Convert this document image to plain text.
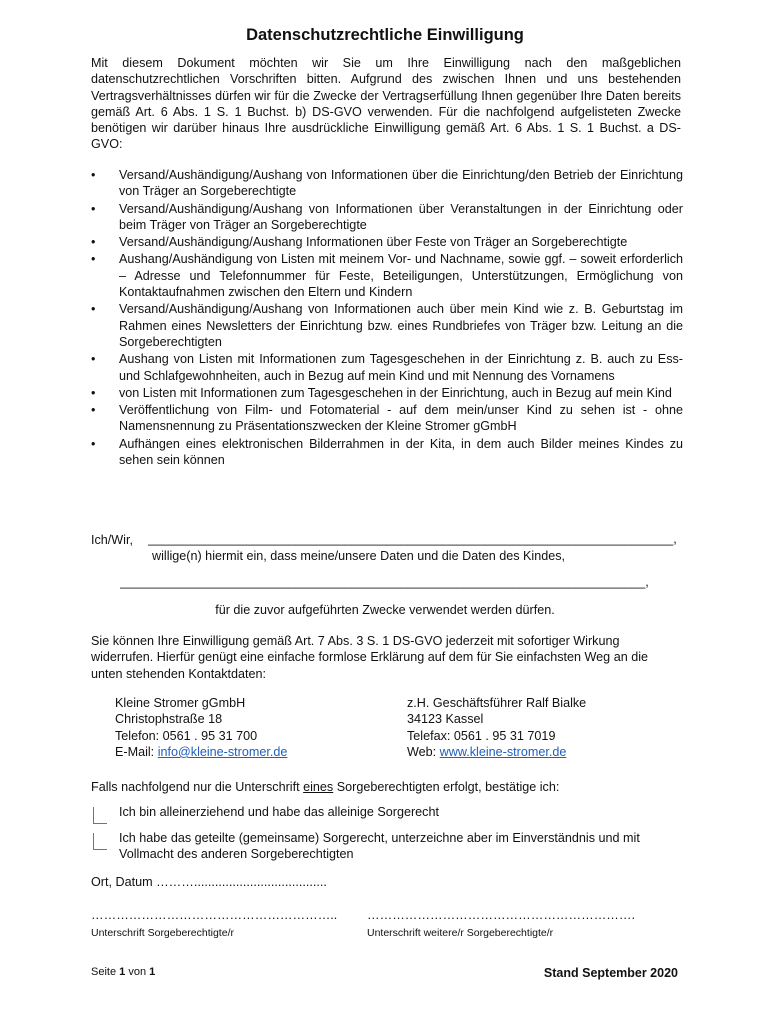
Datenschutzrechtliche Einwilligung

Mit diesem Dokument möchten wir Sie um Ihre Einwilligung nach den maßgeblichen datenschutzrechtlichen Vorschriften bitten. Aufgrund des zwischen Ihnen und uns bestehenden Vertragsverhältnisses dürfen wir für die Zwecke der Vertragserfüllung Ihnen gegenüber Ihre Daten bereits gemäß Art. 6 Abs. 1 S. 1 Buchst. b) DS-GVO verwenden. Für die nachfolgend aufgelisteten Zwecke benötigen wir darüber hinaus Ihre ausdrückliche Einwilligung gemäß Art. 6 Abs. 1 S. 1 Buchst. a DS-GVO:

• Versand/Aushändigung/Aushang von Informationen über die Einrichtung/den Betrieb der Einrichtung von Träger an Sorgeberechtigte
• Versand/Aushändigung/Aushang von Informationen über Veranstaltungen in der Einrichtung oder beim Träger von Träger an Sorgeberechtigte
• Versand/Aushändigung/Aushang Informationen über Feste von Träger an Sorgeberechtigte
• Aushang/Aushändigung von Listen mit meinem Vor- und Nachname, sowie ggf. – soweit erforderlich – Adresse und Telefonnummer für Feste, Beteiligungen, Unterstützungen, Ermöglichung von Kontaktaufnahmen zwischen den Eltern und Kindern
• Versand/Aushändigung/Aushang von Informationen auch über mein Kind wie z. B. Geburtstag im Rahmen eines Newsletters der Einrichtung bzw. eines Rundbriefes von Träger bzw. Leitung an die Sorgeberechtigten
• Aushang von Listen mit Informationen zum Tagesgeschehen in der Einrichtung z. B. auch zu Ess- und Schlafgewohnheiten, auch in Bezug auf mein Kind und mit Nennung des Vornamens
• von Listen mit Informationen zum Tagesgeschehen in der Einrichtung, auch in Bezug auf mein Kind
• Veröffentlichung von Film- und Fotomaterial - auf dem mein/unser Kind zu sehen ist - ohne Namensnennung zu Präsentationszwecken der Kleine Stromer gGmbH
• Aufhängen eines elektronischen Bilderrahmen in der Kita, in dem auch Bilder meines Kindes zu sehen sein können
Ich/Wir, ___________________________________________________________________________,
willige(n) hiermit ein, dass meine/unsere Daten und die Daten des Kindes,
___________________________________________________________________________,
für die zuvor aufgeführten Zwecke verwendet werden dürfen.

Sie können Ihre Einwilligung gemäß Art. 7 Abs. 3 S. 1 DS-GVO jederzeit mit sofortiger Wirkung widerrufen. Hierfür genügt eine einfache formlose Erklärung auf dem für Sie einfachsten Weg an die unten stehenden Kontaktdaten:

Kleine Stromer gGmbH
Christophstraße 18
Telefon: 0561 . 95 31 700
E-Mail: info@kleine-stromer.de
z.H. Geschäftsführer Ralf Bialke
34123 Kassel
Telefax: 0561 . 95 31 7019
Web: www.kleine-stromer.de
Falls nachfolgend nur die Unterschrift eines Sorgeberechtigten erfolgt, bestätige ich:
Ich bin alleinerziehend und habe das alleinige Sorgerecht
Ich habe das geteilte (gemeinsame) Sorgerecht, unterzeichne aber im Einverständnis und mit Vollmacht des anderen Sorgeberechtigten
Ort, Datum ………......................................
………………………………………………….. ……………………………………………………….
Unterschrift Sorgeberechtigte/r	Unterschrift weitere/r Sorgeberechtigte/r
Seite 1 von 1	Stand September 2020
